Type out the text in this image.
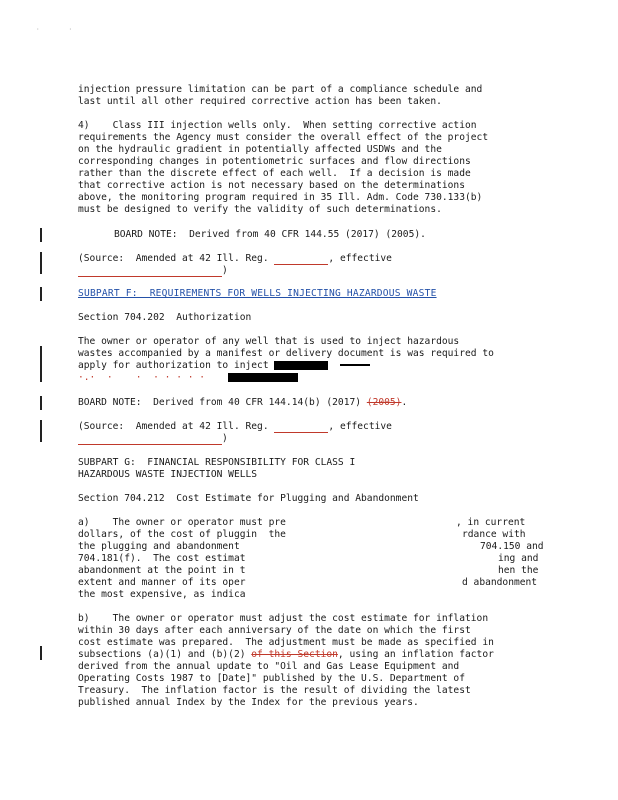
·        ·
injection pressure limitation can be part of a compliance schedule and
last until all other required corrective action has been taken.
4)    Class III injection wells only.  When setting corrective action
requirements the Agency must consider the overall effect of the project
on the hydraulic gradient in potentially affected USDWs and the
corresponding changes in potentiometric surfaces and flow directions
rather than the discrete effect of each well.  If a decision is made
that corrective action is not necessary based on the determinations
above, the monitoring program required in 35 Ill. Adm. Code 730.133(b)
must be designed to verify the validity of such determinations.
BOARD NOTE:  Derived from 40 CFR 144.55 (2017) (2005).
(Source:  Amended at 42 Ill. Reg.	, effective
)
SUBPART F:  REQUIREMENTS FOR WELLS INJECTING HAZARDOUS WASTE
Section 704.202  Authorization
The owner or operator of any well that is used to inject hazardous
wastes accompanied by a manifest or delivery document is was required to
apply for authorization to inject
·.·  ·    ·  · · · · ·
BOARD NOTE:  Derived from 40 CFR 144.14(b) (2017) (2005).
(Source:  Amended at 42 Ill. Reg.	, effective
)
SUBPART G:  FINANCIAL RESPONSIBILITY FOR CLASS I
HAZARDOUS WASTE INJECTION WELLS
Section 704.212  Cost Estimate for Plugging and Abandonment
a)    The owner or operator must pre	, in current
dollars, of the cost of pluggin  the	rdance with
the plugging and abandonment	704.150 and
704.181(f).  The cost estimat	ing and
abandonment at the point in t	hen the
extent and manner of its oper	d abandonment
the most expensive, as indica
b)    The owner or operator must adjust the cost estimate for inflation
within 30 days after each anniversary of the date on which the first
cost estimate was prepared.  The adjustment must be made as specified in
subsections (a)(1) and (b)(2) of this Section, using an inflation factor
derived from the annual update to "Oil and Gas Lease Equipment and
Operating Costs 1987 to [Date]" published by the U.S. Department of
Treasury.  The inflation factor is the result of dividing the latest
published annual Index by the Index for the previous years.
